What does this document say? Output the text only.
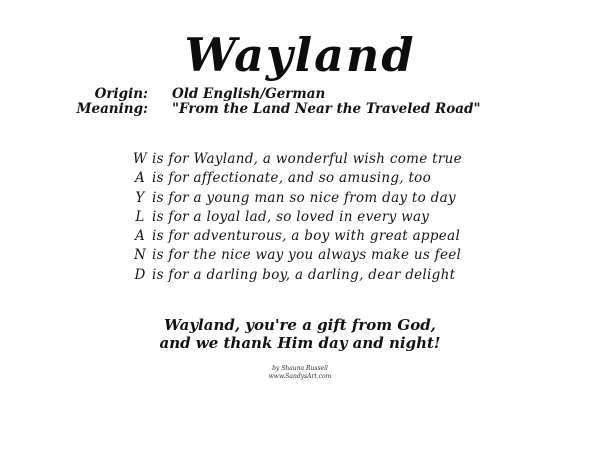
Wayland
Origin:	Old English/German
Meaning:	"From the Land Near the Traveled Road"
W is for Wayland, a wonderful wish come true
A is for affectionate, and so amusing, too
Y is for a young man so nice from day to day
L is for a loyal lad, so loved in every way
A is for adventurous, a boy with great appeal
N is for the nice way you always make us feel
D is for a darling boy, a darling, dear delight
Wayland, you're a gift from God,
and we thank Him day and night!
by Shauna Russell
www.SandysArt.com
